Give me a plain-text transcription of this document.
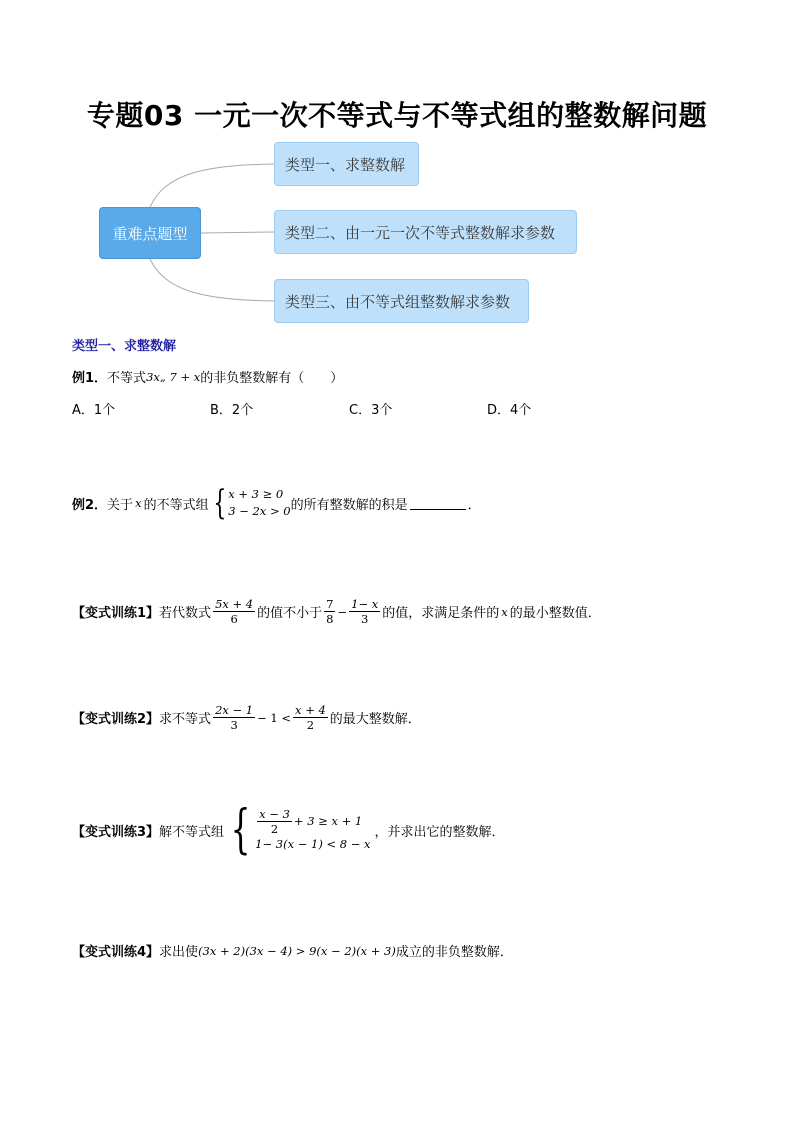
专题03 一元一次不等式与不等式组的整数解问题
重难点题型
类型一、求整数解
类型二、由一元一次不等式整数解求参数
类型三、由不等式组整数解求参数
类型一、求整数解
例1． 不等式 3x„ 7 + x 的非负整数解有（　　）
A．1个	B．2个	C．3个	D．4个
例2． 关于 x 的不等式组 { x + 3 ≥ 0
3 − 2x > 0 的所有整数解的积是	．
【变式训练1】 若代数式 $\frac{5x + 4}{6}$ 的值不小于 $\frac{7}{8} - \frac{1- x}{3}$ 的值，求满足条件的 x 的最小整数值．
【变式训练2】 求不等式 $\frac{2x - 1}{3} - 1 < \frac{x + 4}{2}$ 的最大整数解．
【变式训练3】 解不等式组 { $\frac{x - 3}{2} + 3 \ge x + 1$
1− 3(x − 1) < 8 − x
，并求出它的整数解．
【变式训练4】 求出使 (3x + 2)(3x − 4) > 9(x − 2)(x + 3) 成立的非负整数解．
